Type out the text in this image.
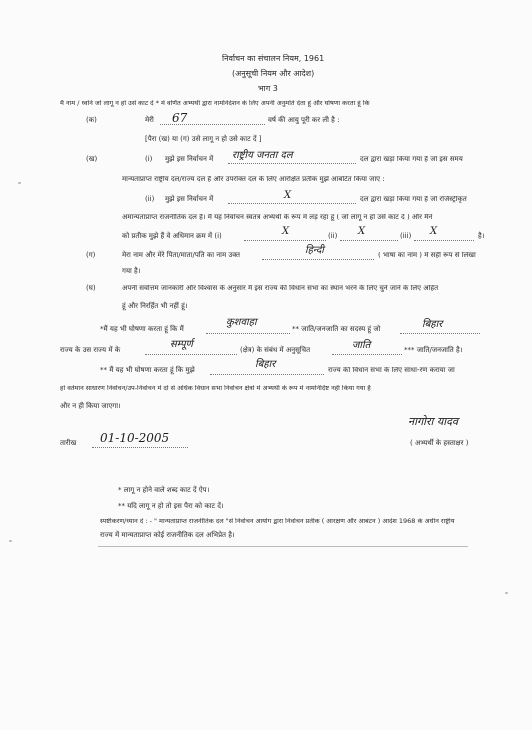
निर्वाचन का संचालन नियम, 1961
(अनुसूची नियम और आदेश)
भाग 3
मैं नाम / ध्वनि जो लागू न हो उसे काट दें * में वर्णित अभ्यर्थी द्वारा नामनिर्देशन के लिए अपनी अनुमति देता हूं और घोषणा करता हूं कि
(क)	मेरी 67	वर्ष की आयु पूरी कर ली है :
[पैरा (ख) या (ग) उसे लागू न हो उसे काट दें ]
(ख)	(i) मुझे इस निर्वाचन में राष्ट्रीय जनता दल	दल द्वारा खड़ा किया गया है जो इस समय
मान्यताप्राप्त राष्ट्रीय दल/राज्य दल है और उपरोक्त दल के लिए आरक्षित प्रतीक मुझे आबंटित किया जाए :
(ii) मुझे इस निर्वाचन में	X	दल द्वारा खड़ा किया गया है जो रजिस्ट्रीकृत
अमान्यताप्राप्त राजनीतिक दल है। मैं यह निर्वाचन स्वतंत्र अभ्यर्थी के रूप में लड़ रहा हूं ( जो लागू न हो उसे काट दें ) और मैंने
को प्रतीक मुझे हैं वे अधिमान क्रम में (i)	X	(ii) X	(iii) X	है।
(ग)	मेरा नाम और मेरे पिता/माता/पति का नाम उक्त	हिन्दी	( भाषा का नाम ) में सही रूप से लिखा
गया है।
(घ)	अपनी सर्वोत्तम जानकारी और विश्वास के अनुसार मैं इस राज्य की विधान सभा का स्थान भरने के लिए चुने जाने के लिए अर्हित
हूं और निरर्हित भी नहीं हूं।
*मैं यह भी घोषणा करता हूं कि मैं
कुशवाहा
** जाति/जनजाति का सदस्य हूं जो	बिहार
राज्य के उस राज्य में के	सम्पूर्ण	(क्षेत्र) के संबंध में अनुसूचित	जाति	*** जाति/जनजाति है।
** मैं यह भी घोषणा करता हूं कि मुझे	बिहार	राज्य की विधान सभा के लिए साधा-रण कराया जा
हो वर्तमान साधारण निर्वाचन/उप-निर्वाचन में दो से अधिक विधान सभा निर्वाचन क्षेत्रों में अभ्यर्थी के रूप में नामनिर्दिष्ट नहीं किया गया है
और न ही किया जाएगा।
नागोरा यादव
( अभ्यर्थी के हस्ताक्षर )
तारीख 01-10-2005
* लागू न होने वाले शब्द काट दें ऐप।
** यदि लागू न हो तो इस पैरा को काट दें।
स्पष्टीकरण/ध्यान दें : - " मान्यताप्राप्त राजनीतिक दल "से निर्वाचन आयोग द्वारा निर्वाचन प्रतीक ( आरक्षण और आबंटन ) आदेश 1968 के अधीन राष्ट्रीय
राज्य में मान्यताप्राप्त कोई राजनीतिक दल अभिप्रेत है।
